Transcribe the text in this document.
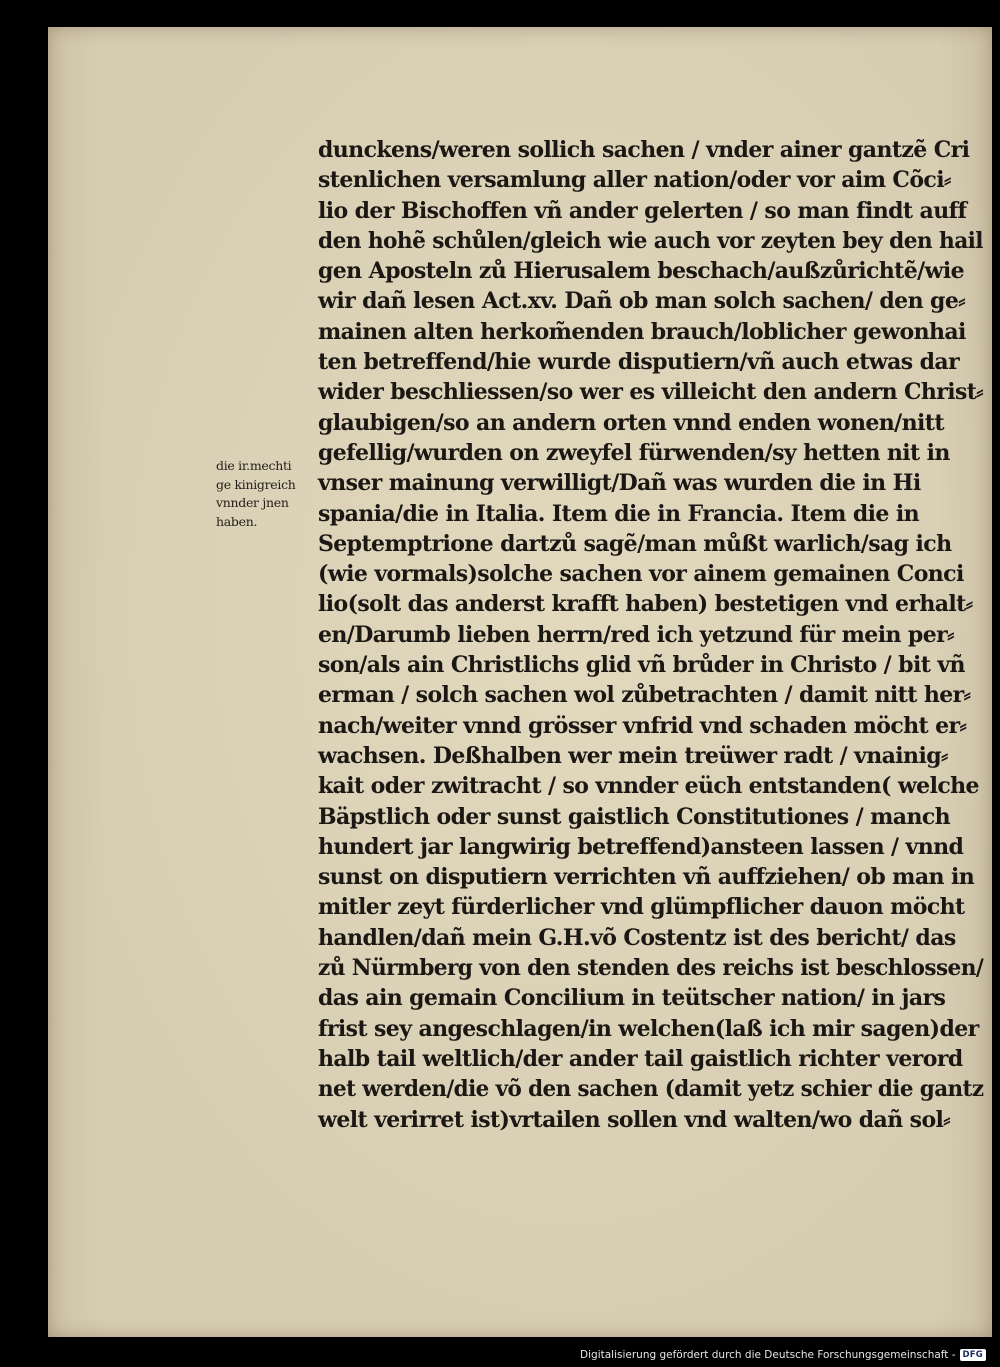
die ir.mechti
ge kinigreich
vnnder jnen
haben.
dunckens/weren sollich sachen / vnder ainer gantzẽ Cri
stenlichen versamlung aller nation/oder vor aim Cõci⸗
lio der Bischoffen vñ ander gelerten / so man findt auff
den hohẽ schůlen/gleich wie auch vor zeyten bey den hail
gen Aposteln zů Hierusalem beschach/außzůrichtẽ/wie
wir dañ lesen Act.xv. Dañ ob man solch sachen/ den ge⸗
mainen alten herkom̃enden brauch/loblicher gewonhai
ten betreffend/hie wurde disputiern/vñ auch etwas dar
wider beschliessen/so wer es villeicht den andern Christ⸗
glaubigen/so an andern orten vnnd enden wonen/nitt
gefellig/wurden on zweyfel fürwenden/sy hetten nit in
vnser mainung verwilligt/Dañ was wurden die in Hi
spania/die in Italia. Item die in Francia. Item die in
Septemptrione dartzů sagẽ/man můßt warlich/sag ich
(wie vormals)solche sachen vor ainem gemainen Conci
lio(solt das anderst krafft haben) bestetigen vnd erhalt⸗
en/Darumb lieben herrn/red ich yetzund für mein per⸗
son/als ain Christlichs glid vñ brůder in Christo / bit vñ
erman / solch sachen wol zůbetrachten / damit nitt her⸗
nach/weiter vnnd grösser vnfrid vnd schaden möcht er⸗
wachsen. Deßhalben wer mein treüwer radt / vnainig⸗
kait oder zwitracht / so vnnder eüch entstanden( welche
Bäpstlich oder sunst gaistlich Constitutiones / manch
hundert jar langwirig betreffend)ansteen lassen / vnnd
sunst on disputiern verrichten vñ auffziehen/ ob man in
mitler zeyt fürderlicher vnd glümpflicher dauon möcht
handlen/dañ mein G.H.võ Costentz ist des bericht/ das
zů Nürmberg von den stenden des reichs ist beschlossen/
das ain gemain Concilium in teütscher nation/ in jars
frist sey angeschlagen/in welchen(laß ich mir sagen)der
halb tail weltlich/der ander tail gaistlich richter verord
net werden/die võ den sachen (damit yetz schier die gantz
welt verirret ist)vrtailen sollen vnd walten/wo dañ sol⸗
Digitalisierung gefördert durch die Deutsche Forschungsgemeinschaft - DFG
